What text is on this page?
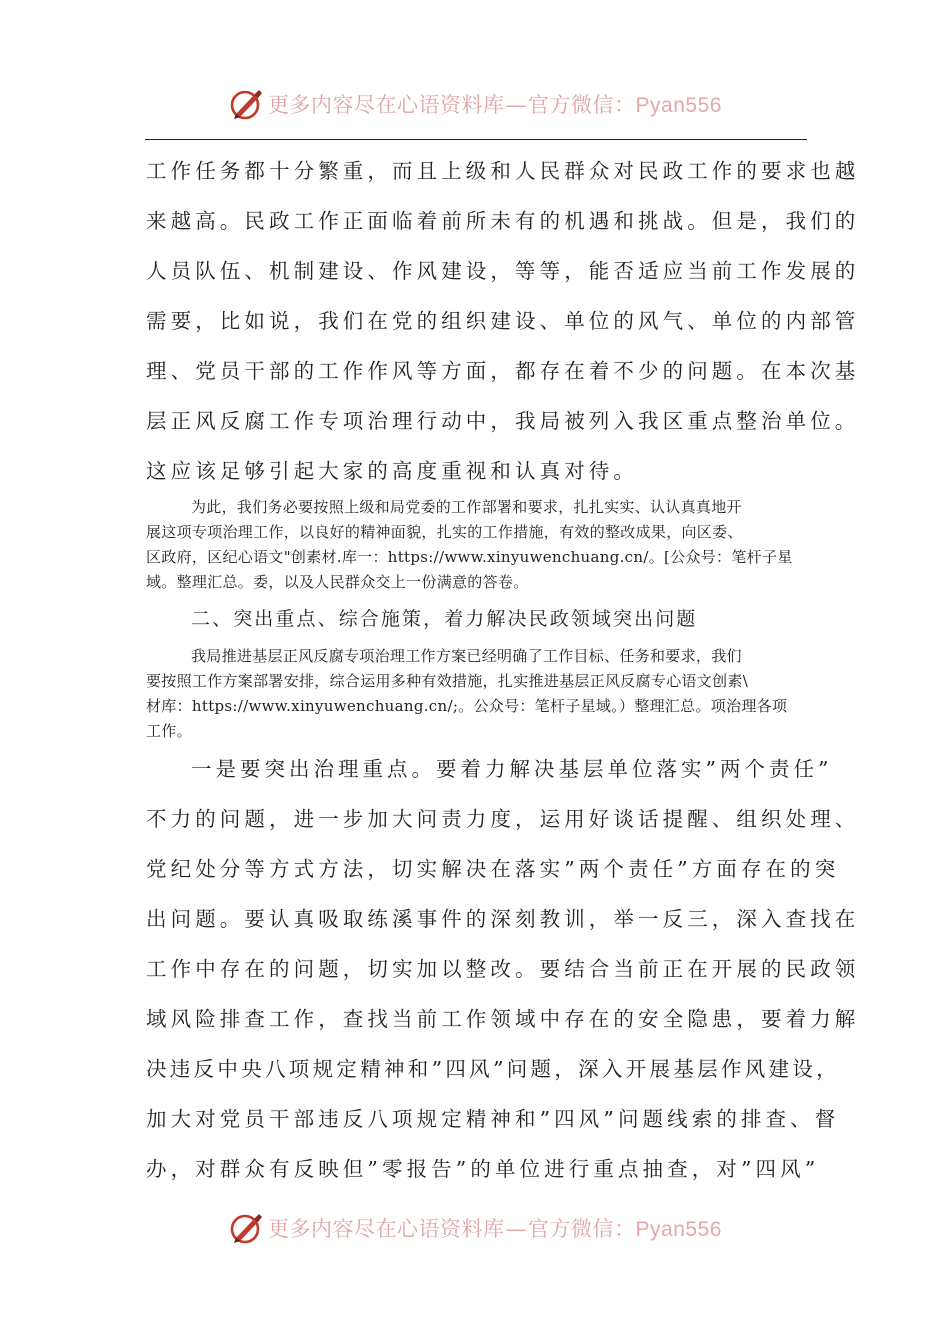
更多内容尽在心语资料库—官方微信：Pyan556
工作任务都十分繁重，而且上级和人民群众对民政工作的要求也越
来越高。民政工作正面临着前所未有的机遇和挑战。但是，我们的
人员队伍、机制建设、作风建设，等等，能否适应当前工作发展的
需要，比如说，我们在党的组织建设、单位的风气、单位的内部管
理、党员干部的工作作风等方面，都存在着不少的问题。在本次基
层正风反腐工作专项治理行动中，我局被列入我区重点整治单位。
这应该足够引起大家的高度重视和认真对待。
为此，我们务必要按照上级和局党委的工作部署和要求，扎扎实实、认认真真地开
展这项专项治理工作，以良好的精神面貌，扎实的工作措施，有效的整改成果，向区委、
区政府，区纪心语文"创素材.库一：https://www.xinyuwenchuang.cn/。[公众号：笔杆子星
域。整理汇总。委，以及人民群众交上一份满意的答卷。
二、突出重点、综合施策，着力解决民政领域突出问题
我局推进基层正风反腐专项治理工作方案已经明确了工作目标、任务和要求，我们
要按照工作方案部署安排，综合运用多种有效措施，扎实推进基层正风反腐专心语文创素\
材库：https://www.xinyuwenchuang.cn/;。公众号：笔杆子星域。）整理汇总。项治理各项
工作。
一是要突出治理重点。要着力解决基层单位落实”两个责任”
不力的问题，进一步加大问责力度，运用好谈话提醒、组织处理、
党纪处分等方式方法，切实解决在落实”两个责任”方面存在的突
出问题。要认真吸取练溪事件的深刻教训，举一反三，深入查找在
工作中存在的问题，切实加以整改。要结合当前正在开展的民政领
域风险排查工作，查找当前工作领域中存在的安全隐患，要着力解
决违反中央八项规定精神和”四风”问题，深入开展基层作风建设，
加大对党员干部违反八项规定精神和”四风”问题线索的排查、督
办，对群众有反映但”零报告”的单位进行重点抽查，对”四风”
更多内容尽在心语资料库—官方微信：Pyan556
